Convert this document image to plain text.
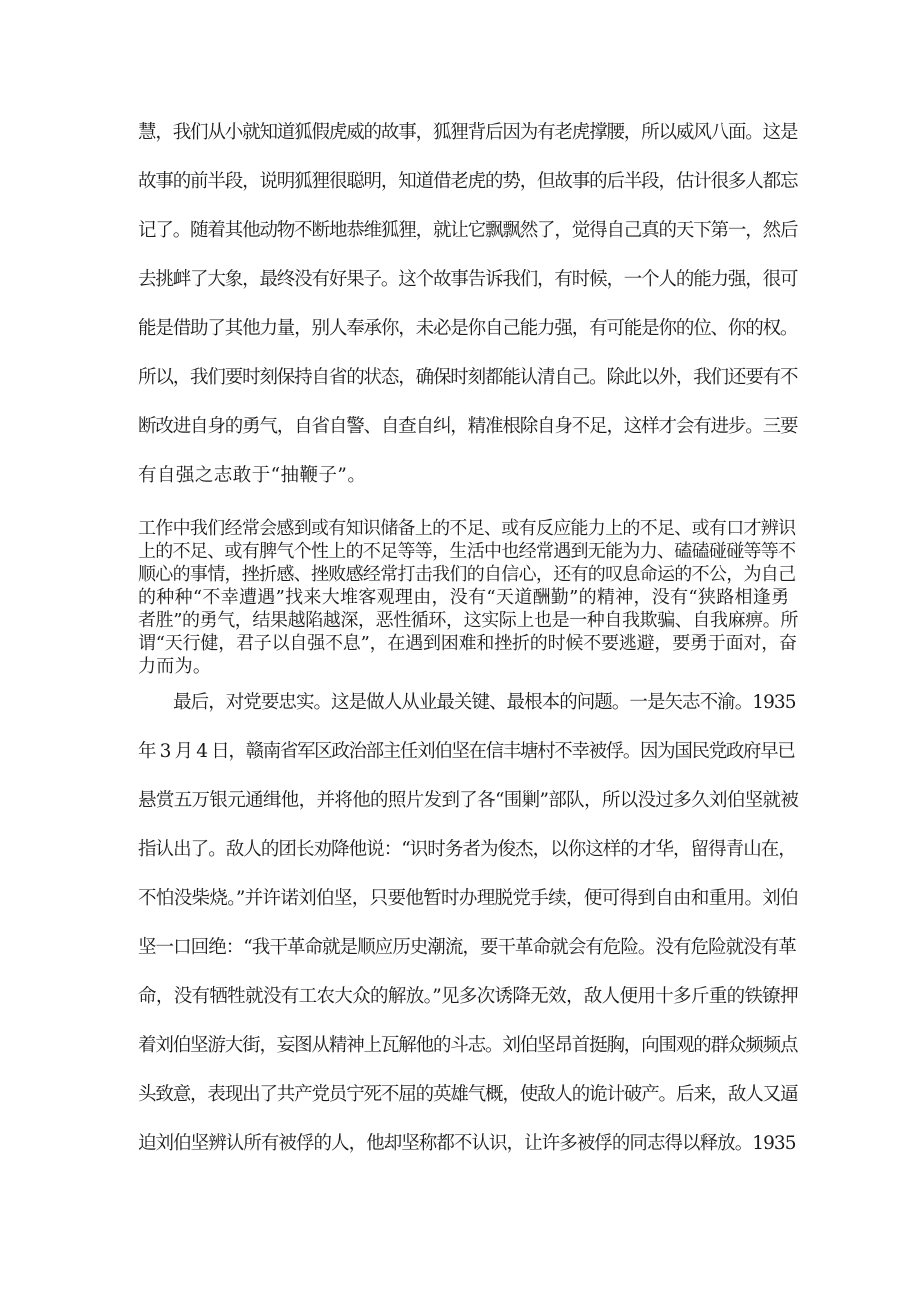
慧，我们从小就知道狐假虎威的故事，狐狸背后因为有老虎撑腰，所以威风八面。这是
故事的前半段，说明狐狸很聪明，知道借老虎的势，但故事的后半段，估计很多人都忘
记了。随着其他动物不断地恭维狐狸，就让它飘飘然了，觉得自己真的天下第一，然后
去挑衅了大象，最终没有好果子。这个故事告诉我们，有时候，一个人的能力强，很可
能是借助了其他力量，别人奉承你，未必是你自己能力强，有可能是你的位、你的权。
所以，我们要时刻保持自省的状态，确保时刻都能认清自己。除此以外，我们还要有不
断改进自身的勇气，自省自警、自查自纠，精准根除自身不足，这样才会有进步。三要
有自强之志敢于“抽鞭子”。
工作中我们经常会感到或有知识储备上的不足、或有反应能力上的不足、或有口才辨识
上的不足、或有脾气个性上的不足等等，生活中也经常遇到无能为力、磕磕碰碰等等不
顺心的事情，挫折感、挫败感经常打击我们的自信心，还有的叹息命运的不公，为自己
的种种“不幸遭遇”找来大堆客观理由，没有“天道酬勤”的精神，没有“狭路相逢勇
者胜”的勇气，结果越陷越深，恶性循环，这实际上也是一种自我欺骗、自我麻痹。所
谓“天行健，君子以自强不息”，在遇到困难和挫折的时候不要逃避，要勇于面对，奋
力而为。
　　最后，对党要忠实。这是做人从业最关键、最根本的问题。一是矢志不渝。1935
年 3 月 4 日，赣南省军区政治部主任刘伯坚在信丰塘村不幸被俘。因为国民党政府早已
悬赏五万银元通缉他，并将他的照片发到了各“围剿”部队，所以没过多久刘伯坚就被
指认出了。敌人的团长劝降他说：“识时务者为俊杰，以你这样的才华，留得青山在，
不怕没柴烧。”并许诺刘伯坚，只要他暂时办理脱党手续，便可得到自由和重用。刘伯
坚一口回绝：“我干革命就是顺应历史潮流，要干革命就会有危险。没有危险就没有革
命，没有牺牲就没有工农大众的解放。”见多次诱降无效，敌人便用十多斤重的铁镣押
着刘伯坚游大街，妄图从精神上瓦解他的斗志。刘伯坚昂首挺胸，向围观的群众频频点
头致意，表现出了共产党员宁死不屈的英雄气概，使敌人的诡计破产。后来，敌人又逼
迫刘伯坚辨认所有被俘的人，他却坚称都不认识，让许多被俘的同志得以释放。1935
